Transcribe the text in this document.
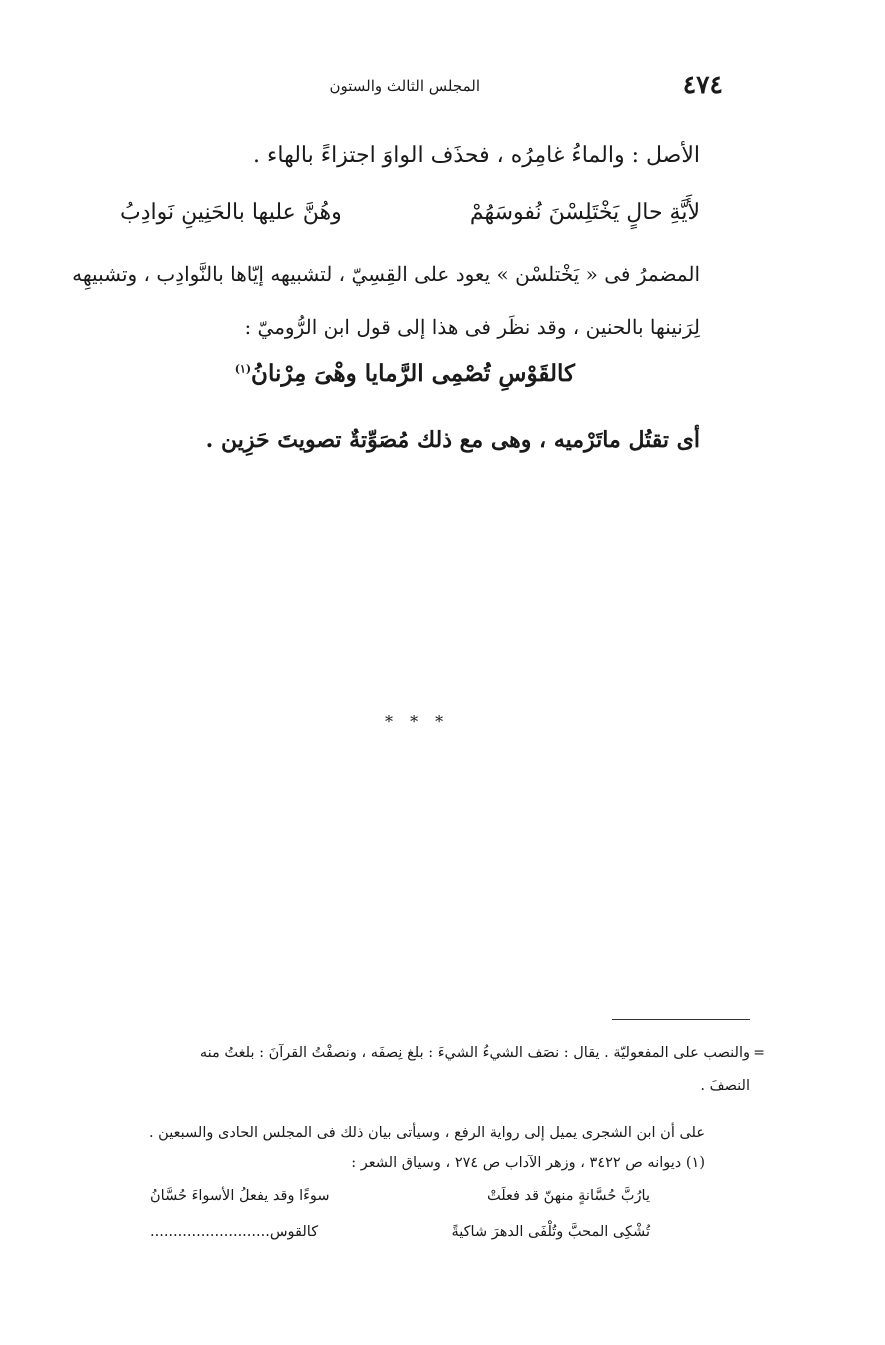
٤٧٤
المجلس الثالث والستون
الأصل : والماءُ غامِرُه ، فحذَف الواوَ اجتزاءً بالهاء .
لأَيَّةِ حالٍ يَخْتَلِسْنَ نُفوسَهُمْ
وهُنَّ عليها بالحَنِينِ نَوادِبُ
المضمرُ فى « يَخْتلسْن » يعود على القِسِيّ ، لتشبيهه إيّاها بالنَّوادِب ، وتشبيهِه
لِرَنينها بالحنين ، وقد نظَر فى هذا إلى قول ابن الرُّوميّ :
كالقَوْسِ تُصْمِى الرَّمايا وهْىَ مِرْنانُ$^{(١)}$
أى تقتُل ماتَرْميه ، وهى مع ذلك مُصَوِّتةٌ تصويتَ حَزِين .
* * *
=
والنصب على المفعوليّة . يقال : نصَف الشيءُ الشيءَ : بلغ نِصفَه ، ونصفْتُ القرآنَ : بلغتُ منه
النصفَ .
على أن ابن الشجرى يميل إلى رواية الرفع ، وسيأتى بيان ذلك فى المجلس الحادى والسبعين .
(١) ديوانه ص ٣٤٢٢ ، وزهر الآداب ص ٢٧٤ ، وسياق الشعر :
يارُبَّ حُسَّانةٍ منهنّ قد فعلَتْ
سوءًا وقد يفعلُ الأسواءَ حُسَّانُ
تُشْكِى المحبَّ وتُلْفَى الدهرَ شاكيةً
كالقوس..........................
